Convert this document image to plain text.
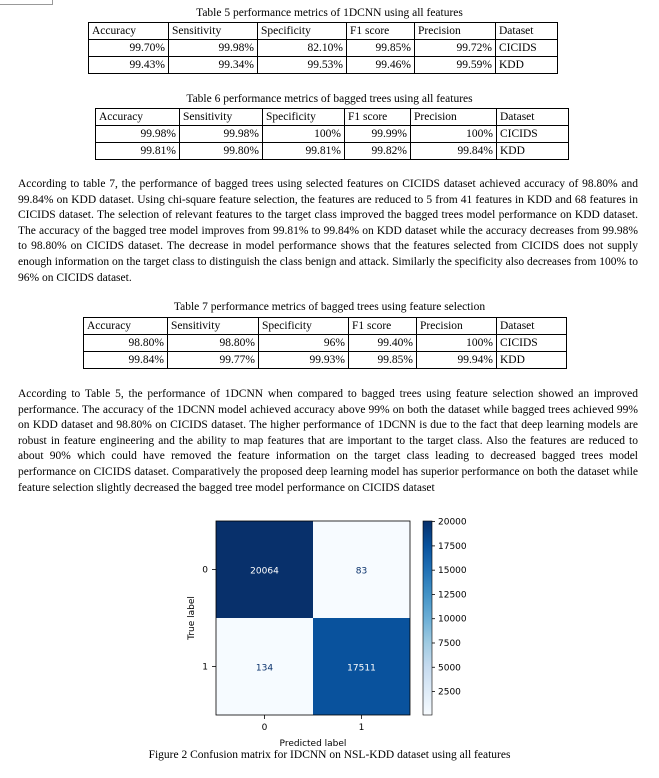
Table 5 performance metrics of 1DCNN using all features
Accuracy	Sensitivity	Specificity	F1 score	Precision	Dataset
99.70%	99.98%	82.10%	99.85%	99.72%	CICIDS
99.43%	99.34%	99.53%	99.46%	99.59%	KDD
Table 6 performance metrics of bagged trees using all features
Accuracy	Sensitivity	Specificity	F1 score	Precision	Dataset
99.98%	99.98%	100%	99.99%	100%	CICIDS
99.81%	99.80%	99.81%	99.82%	99.84%	KDD
According to table 7, the performance of bagged trees using selected features on CICIDS dataset achieved accuracy of 98.80% and 99.84% on KDD dataset. Using chi-square feature selection, the features are reduced to 5 from 41 features in KDD and 68 features in CICIDS dataset. The selection of relevant features to the target class improved the bagged trees model performance on KDD dataset. The accuracy of the bagged tree model improves from 99.81% to 99.84% on KDD dataset while the accuracy decreases from 99.98% to 98.80% on CICIDS dataset. The decrease in model performance shows that the features selected from CICIDS does not supply enough information on the target class to distinguish the class benign and attack. Similarly the specificity also decreases from 100% to 96% on CICIDS dataset.
Table 7 performance metrics of bagged trees using feature selection
Accuracy	Sensitivity	Specificity	F1 score	Precision	Dataset
98.80%	98.80%	96%	99.40%	100%	CICIDS
99.84%	99.77%	99.93%	99.85%	99.94%	KDD
According to Table 5, the performance of 1DCNN when compared to bagged trees using feature selection showed an improved performance. The accuracy of the 1DCNN model achieved accuracy above 99% on both the dataset while bagged trees achieved 99% on KDD dataset and 98.80% on CICIDS dataset. The higher performance of 1DCNN is due to the fact that deep learning models are robust in feature engineering and the ability to map features that are important to the target class. Also the features are reduced to about 90% which could have removed the feature information on the target class leading to decreased bagged trees model performance on CICIDS dataset. Comparatively the proposed deep learning model has superior performance on both the dataset while feature selection slightly decreased the bagged tree model performance on CICIDS dataset
20064	83
134	17511
0
1
0	1
Predicted label
True label
20000
17500
15000
12500
10000
7500
5000
2500
Figure 2 Confusion matrix for IDCNN on NSL-KDD dataset using all features
